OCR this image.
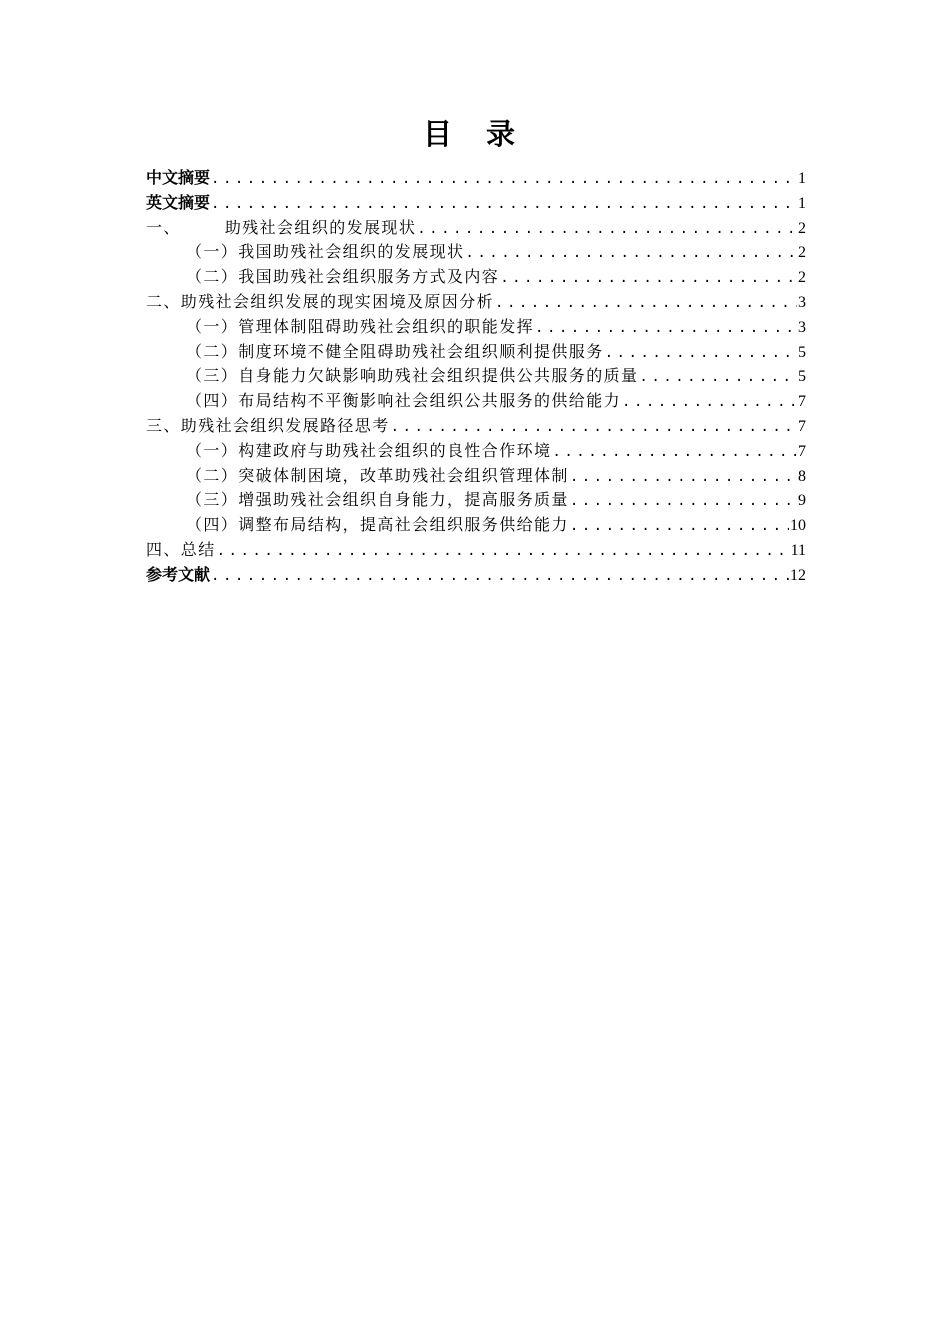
目 录
中文摘要 .....	1
英文摘要 .....	1
一、	助残社会组织的发展现状 .....	2
（一）我国助残社会组织的发展现状 .....	2
（二）我国助残社会组织服务方式及内容 .....	2
二、助残社会组织发展的现实困境及原因分析 .....	3
（一）管理体制阻碍助残社会组织的职能发挥 .....	3
（二）制度环境不健全阻碍助残社会组织顺利提供服务 .....	5
（三）自身能力欠缺影响助残社会组织提供公共服务的质量 .....	5
（四）布局结构不平衡影响社会组织公共服务的供给能力 .....	7
三、助残社会组织发展路径思考 .....	7
（一）构建政府与助残社会组织的良性合作环境 .....	7
（二）突破体制困境，改革助残社会组织管理体制 .....	8
（三）增强助残社会组织自身能力，提高服务质量 .....	9
（四）调整布局结构，提高社会组织服务供给能力 .....	10
四、总结 .....	11
参考文献 .....	12
